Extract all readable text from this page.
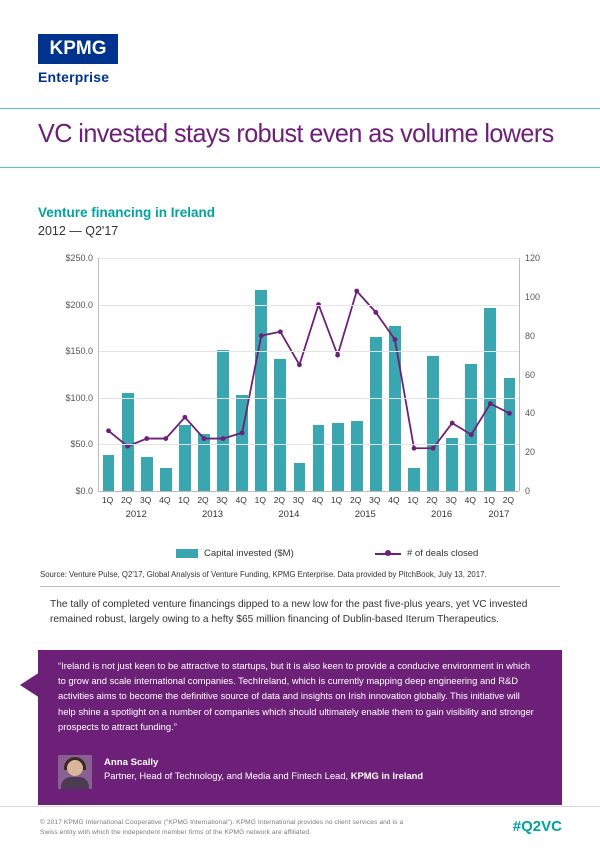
KPMG
Enterprise
VC invested stays robust even as volume lowers
Venture financing in Ireland
2012 — Q2'17
$0.0
$50.0
$100.0
$150.0
$200.0
$250.0
0
20
40
60
80
100
120
1Q 2Q 3Q 4Q 1Q 2Q 3Q 4Q 1Q 2Q 3Q 4Q 1Q 2Q 3Q 4Q 1Q 2Q 3Q 4Q 1Q 2Q
2012	2013	2014	2015	2016	2017
Capital invested ($M)	# of deals closed
Source: Venture Pulse, Q2'17, Global Analysis of Venture Funding, KPMG Enterprise. Data provided by PitchBook, July 13, 2017.
The tally of completed venture financings dipped to a new low for the past five-plus years, yet VC invested remained robust, largely owing to a hefty $65 million financing of Dublin-based Iterum Therapeutics.
“Ireland is not just keen to be attractive to startups, but it is also keen to provide a conducive environment in which to grow and scale international companies. TechIreland, which is currently mapping deep engineering and R&D activities aims to become the definitive source of data and insights on Irish innovation globally. This initiative will help shine a spotlight on a number of companies which should ultimately enable them to gain visibility and stronger prospects to attract funding.”
Anna Scally
Partner, Head of Technology, and Media and Fintech Lead, KPMG in Ireland
© 2017 KPMG International Cooperative (“KPMG International”). KPMG International provides no client services and is a Swiss entity with which the independent member firms of the KPMG network are affiliated.	#Q2VC
